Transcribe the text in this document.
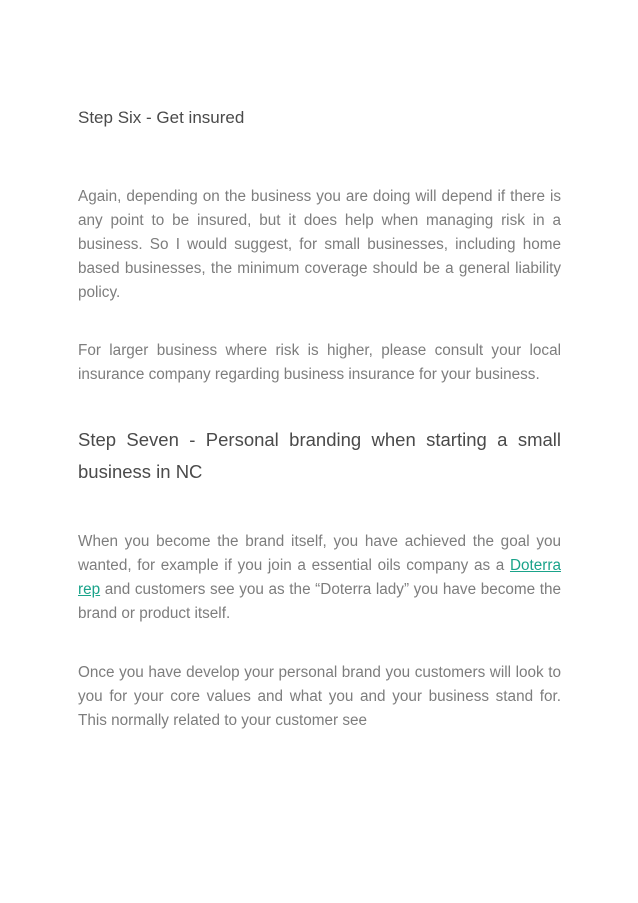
Step Six - Get insured

Again, depending on the business you are doing will depend if there is any point to be insured, but it does help when managing risk in a business. So I would suggest, for small businesses, including home based businesses, the minimum coverage should be a general liability policy.

For larger business where risk is higher, please consult your local insurance company regarding business insurance for your business.

Step Seven - Personal branding when starting a small business in NC

When you become the brand itself, you have achieved the goal you wanted, for example if you join a essential oils company as a Doterra rep and customers see you as the “Doterra lady” you have become the brand or product itself.

Once you have develop your personal brand you customers will look to you for your core values and what you and your business stand for. This normally related to your customer see
